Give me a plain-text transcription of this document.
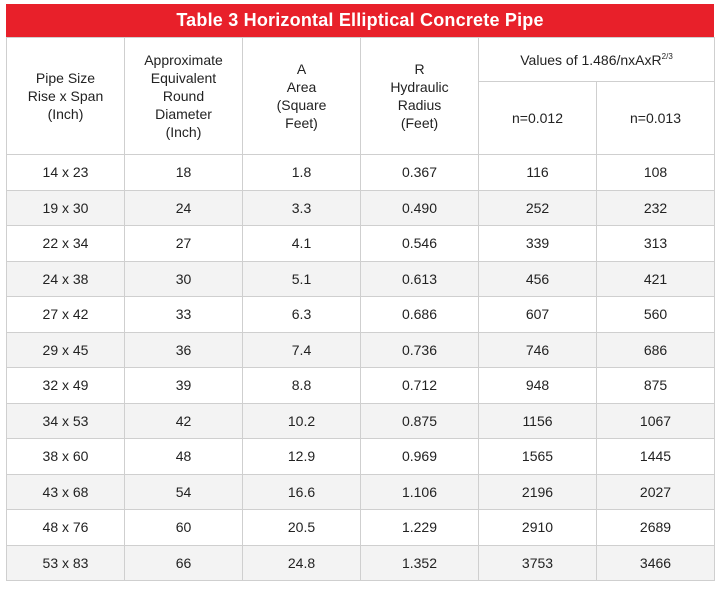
Table 3 Horizontal Elliptical Concrete Pipe
Pipe Size
Rise x Span
(Inch)	Approximate
Equivalent
Round
Diameter
(Inch)	A
Area
(Square
Feet)	R
Hydraulic
Radius
(Feet)	Values of 1.486/nxAxR$^{2/3}$
				n=0.012	n=0.013
14 x 23	18	1.8	0.367	116	108
19 x 30	24	3.3	0.490	252	232
22 x 34	27	4.1	0.546	339	313
24 x 38	30	5.1	0.613	456	421
27 x 42	33	6.3	0.686	607	560
29 x 45	36	7.4	0.736	746	686
32 x 49	39	8.8	0.712	948	875
34 x 53	42	10.2	0.875	1156	1067
38 x 60	48	12.9	0.969	1565	1445
43 x 68	54	16.6	1.106	2196	2027
48 x 76	60	20.5	1.229	2910	2689
53 x 83	66	24.8	1.352	3753	3466
